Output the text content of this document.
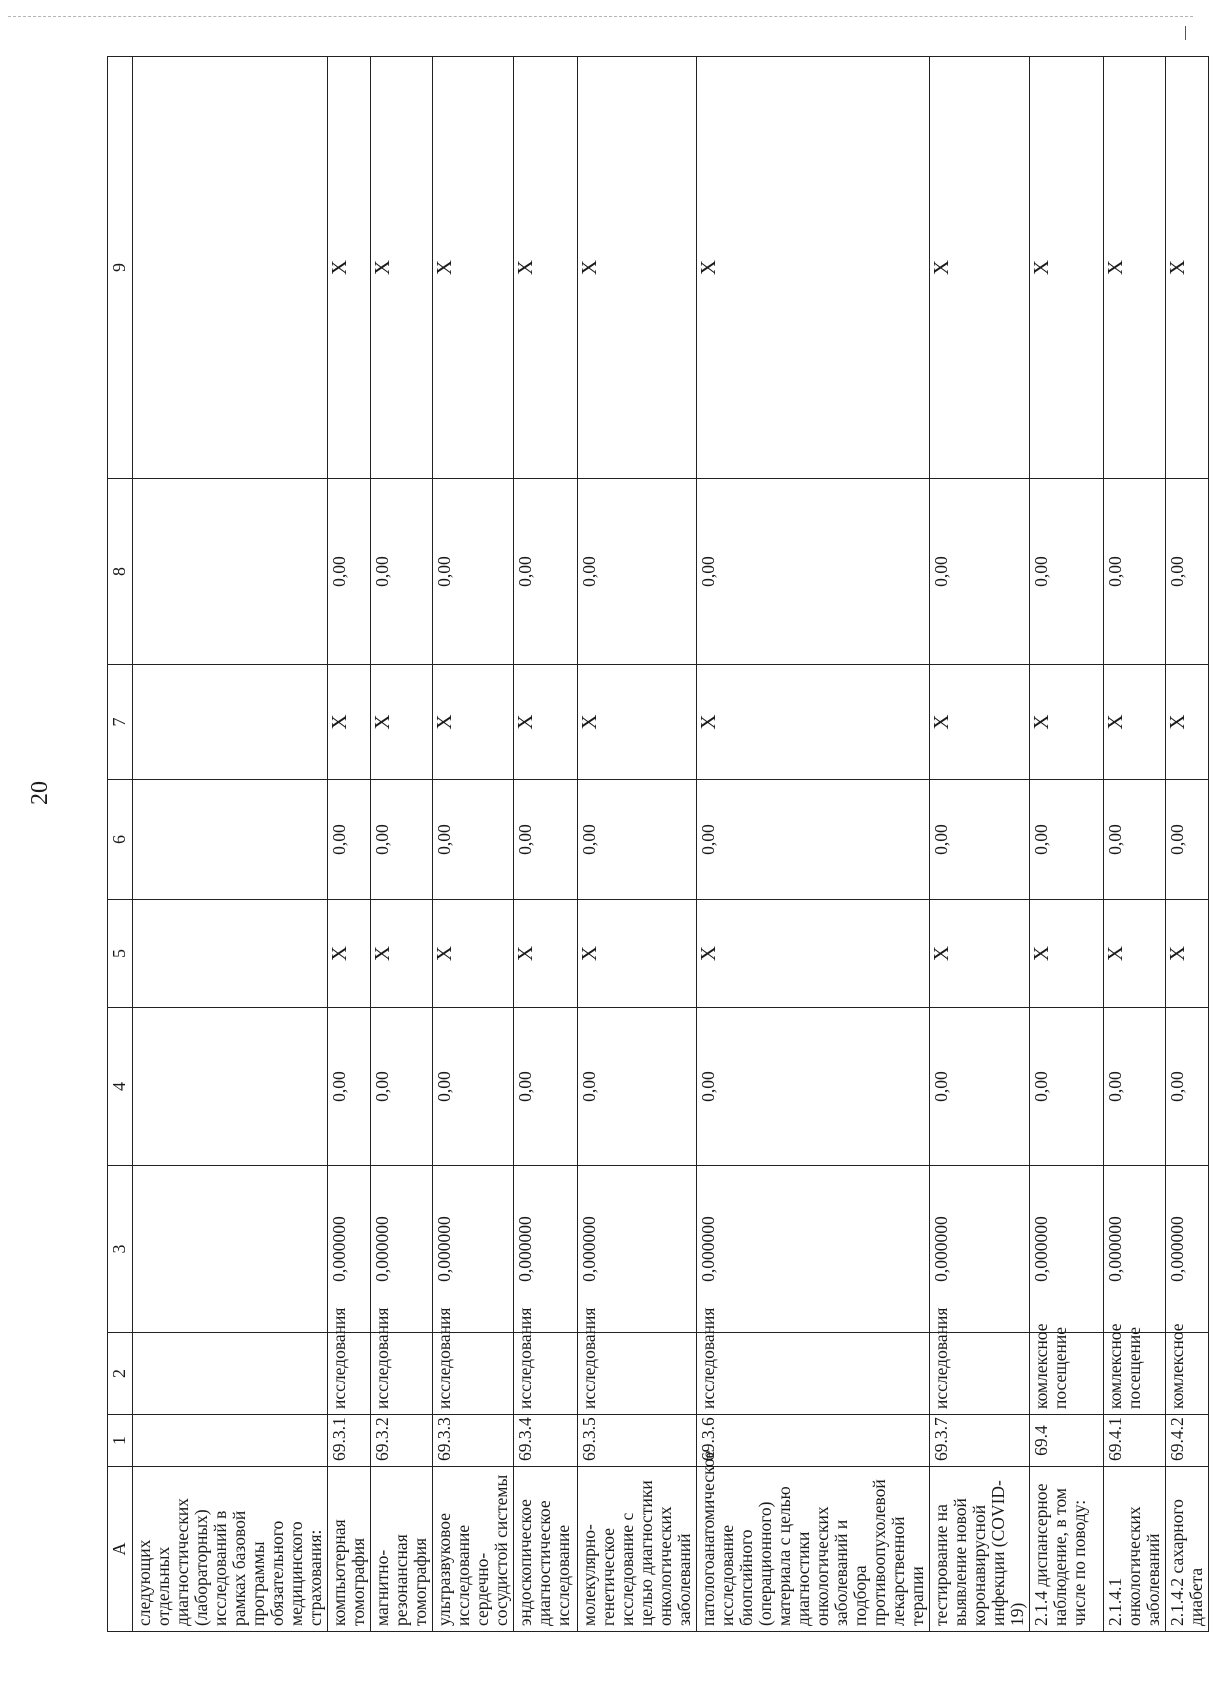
20
A	1	2	3	4	5	6	7	8	9
следующих отдельных диагностических (лабораторных) исследований в рамках базовой программы обязательного медицинского страхования:									
компьютерная томография	69.3.1	исследования	0,000000	0,00	X	0,00	X	0,00	X
магнитно-резонансная томография	69.3.2	исследования	0,000000	0,00	X	0,00	X	0,00	X
ультразвуковое исследование сердечно-сосудистой системы	69.3.3	исследования	0,000000	0,00	X	0,00	X	0,00	X
эндоскопическое диагностическое исследование	69.3.4	исследования	0,000000	0,00	X	0,00	X	0,00	X
молекулярно-генетическое исследование с целью диагностики онкологических заболеваний	69.3.5	исследования	0,000000	0,00	X	0,00	X	0,00	X
патологоанатомическое исследование биопсийного (операционного) материала с целью диагностики онкологических заболеваний и подбора противоопухолевой лекарственной терапии	69.3.6	исследования	0,000000	0,00	X	0,00	X	0,00	X
тестирование на выявление новой коронавирусной инфекции (COVID-19)	69.3.7	исследования	0,000000	0,00	X	0,00	X	0,00	X
2.1.4 диспансерное наблюдение, в том числе по поводу:	69.4	комлексное посещение	0,000000	0,00	X	0,00	X	0,00	X
2.1.4.1 онкологических заболеваний	69.4.1	комлексное посещение	0,000000	0,00	X	0,00	X	0,00	X
2.1.4.2 сахарного диабета	69.4.2	комлексное	0,000000	0,00	X	0,00	X	0,00	X
